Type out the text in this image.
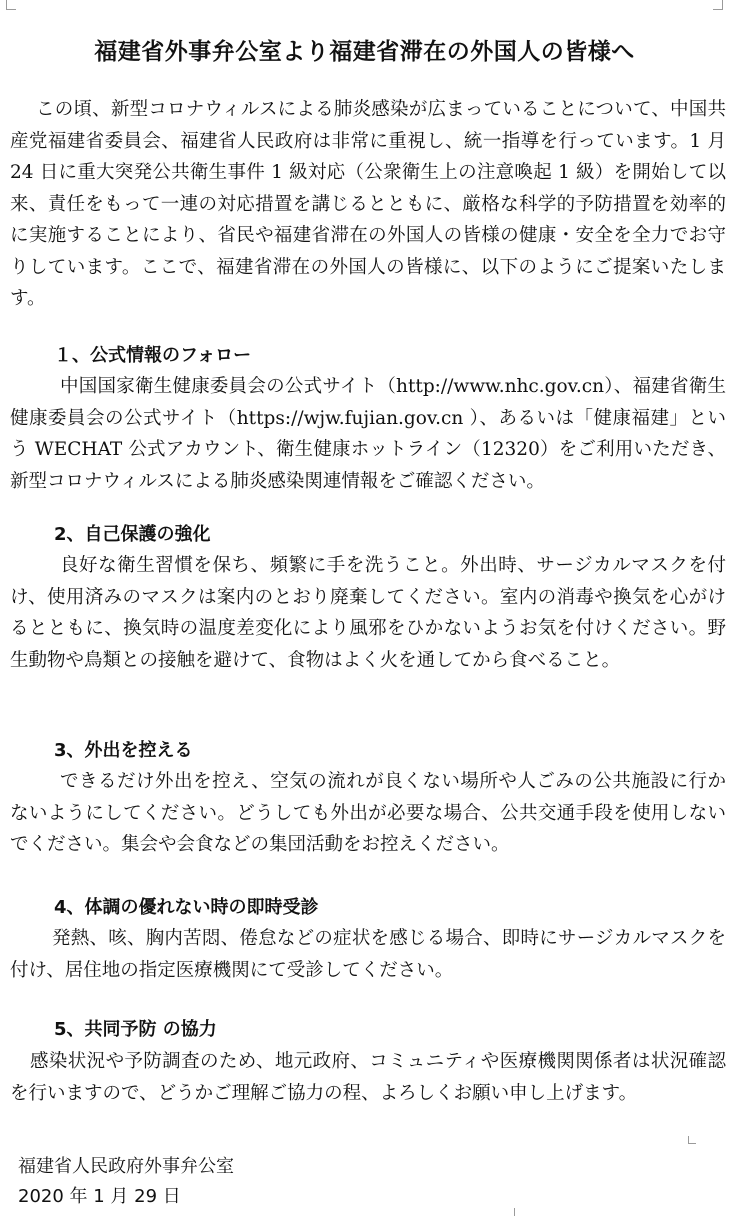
福建省外事弁公室より福建省滞在の外国人の皆様へ

この頃、新型コロナウィルスによる肺炎感染が広まっていることについて、中国共産党福建省委員会、福建省人民政府は非常に重視し、統一指導を行っています。1 月 24 日に重大突発公共衛生事件 1 級対応（公衆衛生上の注意喚起 1 級）を開始して以来、責任をもって一連の対応措置を講じるとともに、厳格な科学的予防措置を効率的に実施することにより、省民や福建省滞在の外国人の皆様の健康・安全を全力でお守りしています。ここで、福建省滞在の外国人の皆様に、以下のようにご提案いたします。

１、公式情報のフォロー

中国国家衛生健康委員会の公式サイト（http://www.nhc.gov.cn）、福建省衛生健康委員会の公式サイト（https://wjw.fujian.gov.cn ）、あるいは「健康福建」という WECHAT 公式アカウント、衛生健康ホットライン（12320）をご利用いただき、新型コロナウィルスによる肺炎感染関連情報をご確認ください。

2、自己保護の強化

良好な衛生習慣を保ち、頻繁に手を洗うこと。外出時、サージカルマスクを付け、使用済みのマスクは案内のとおり廃棄してください。室内の消毒や換気を心がけるとともに、換気時の温度差変化により風邪をひかないようお気を付けください。野生動物や鳥類との接触を避けて、食物はよく火を通してから食べること。

3、外出を控える

できるだけ外出を控え、空気の流れが良くない場所や人ごみの公共施設に行かないようにしてください。どうしても外出が必要な場合、公共交通手段を使用しないでください。集会や会食などの集団活動をお控えください。

4、体調の優れない時の即時受診

発熱、咳、胸内苦悶、倦怠などの症状を感じる場合、即時にサージカルマスクを付け、居住地の指定医療機関にて受診してください。

5、共同予防 の協力

感染状況や予防調査のため、地元政府、コミュニティや医療機関関係者は状況確認を行いますので、どうかご理解ご協力の程、よろしくお願い申し上げます。

福建省人民政府外事弁公室

2020 年 1 月 29 日
